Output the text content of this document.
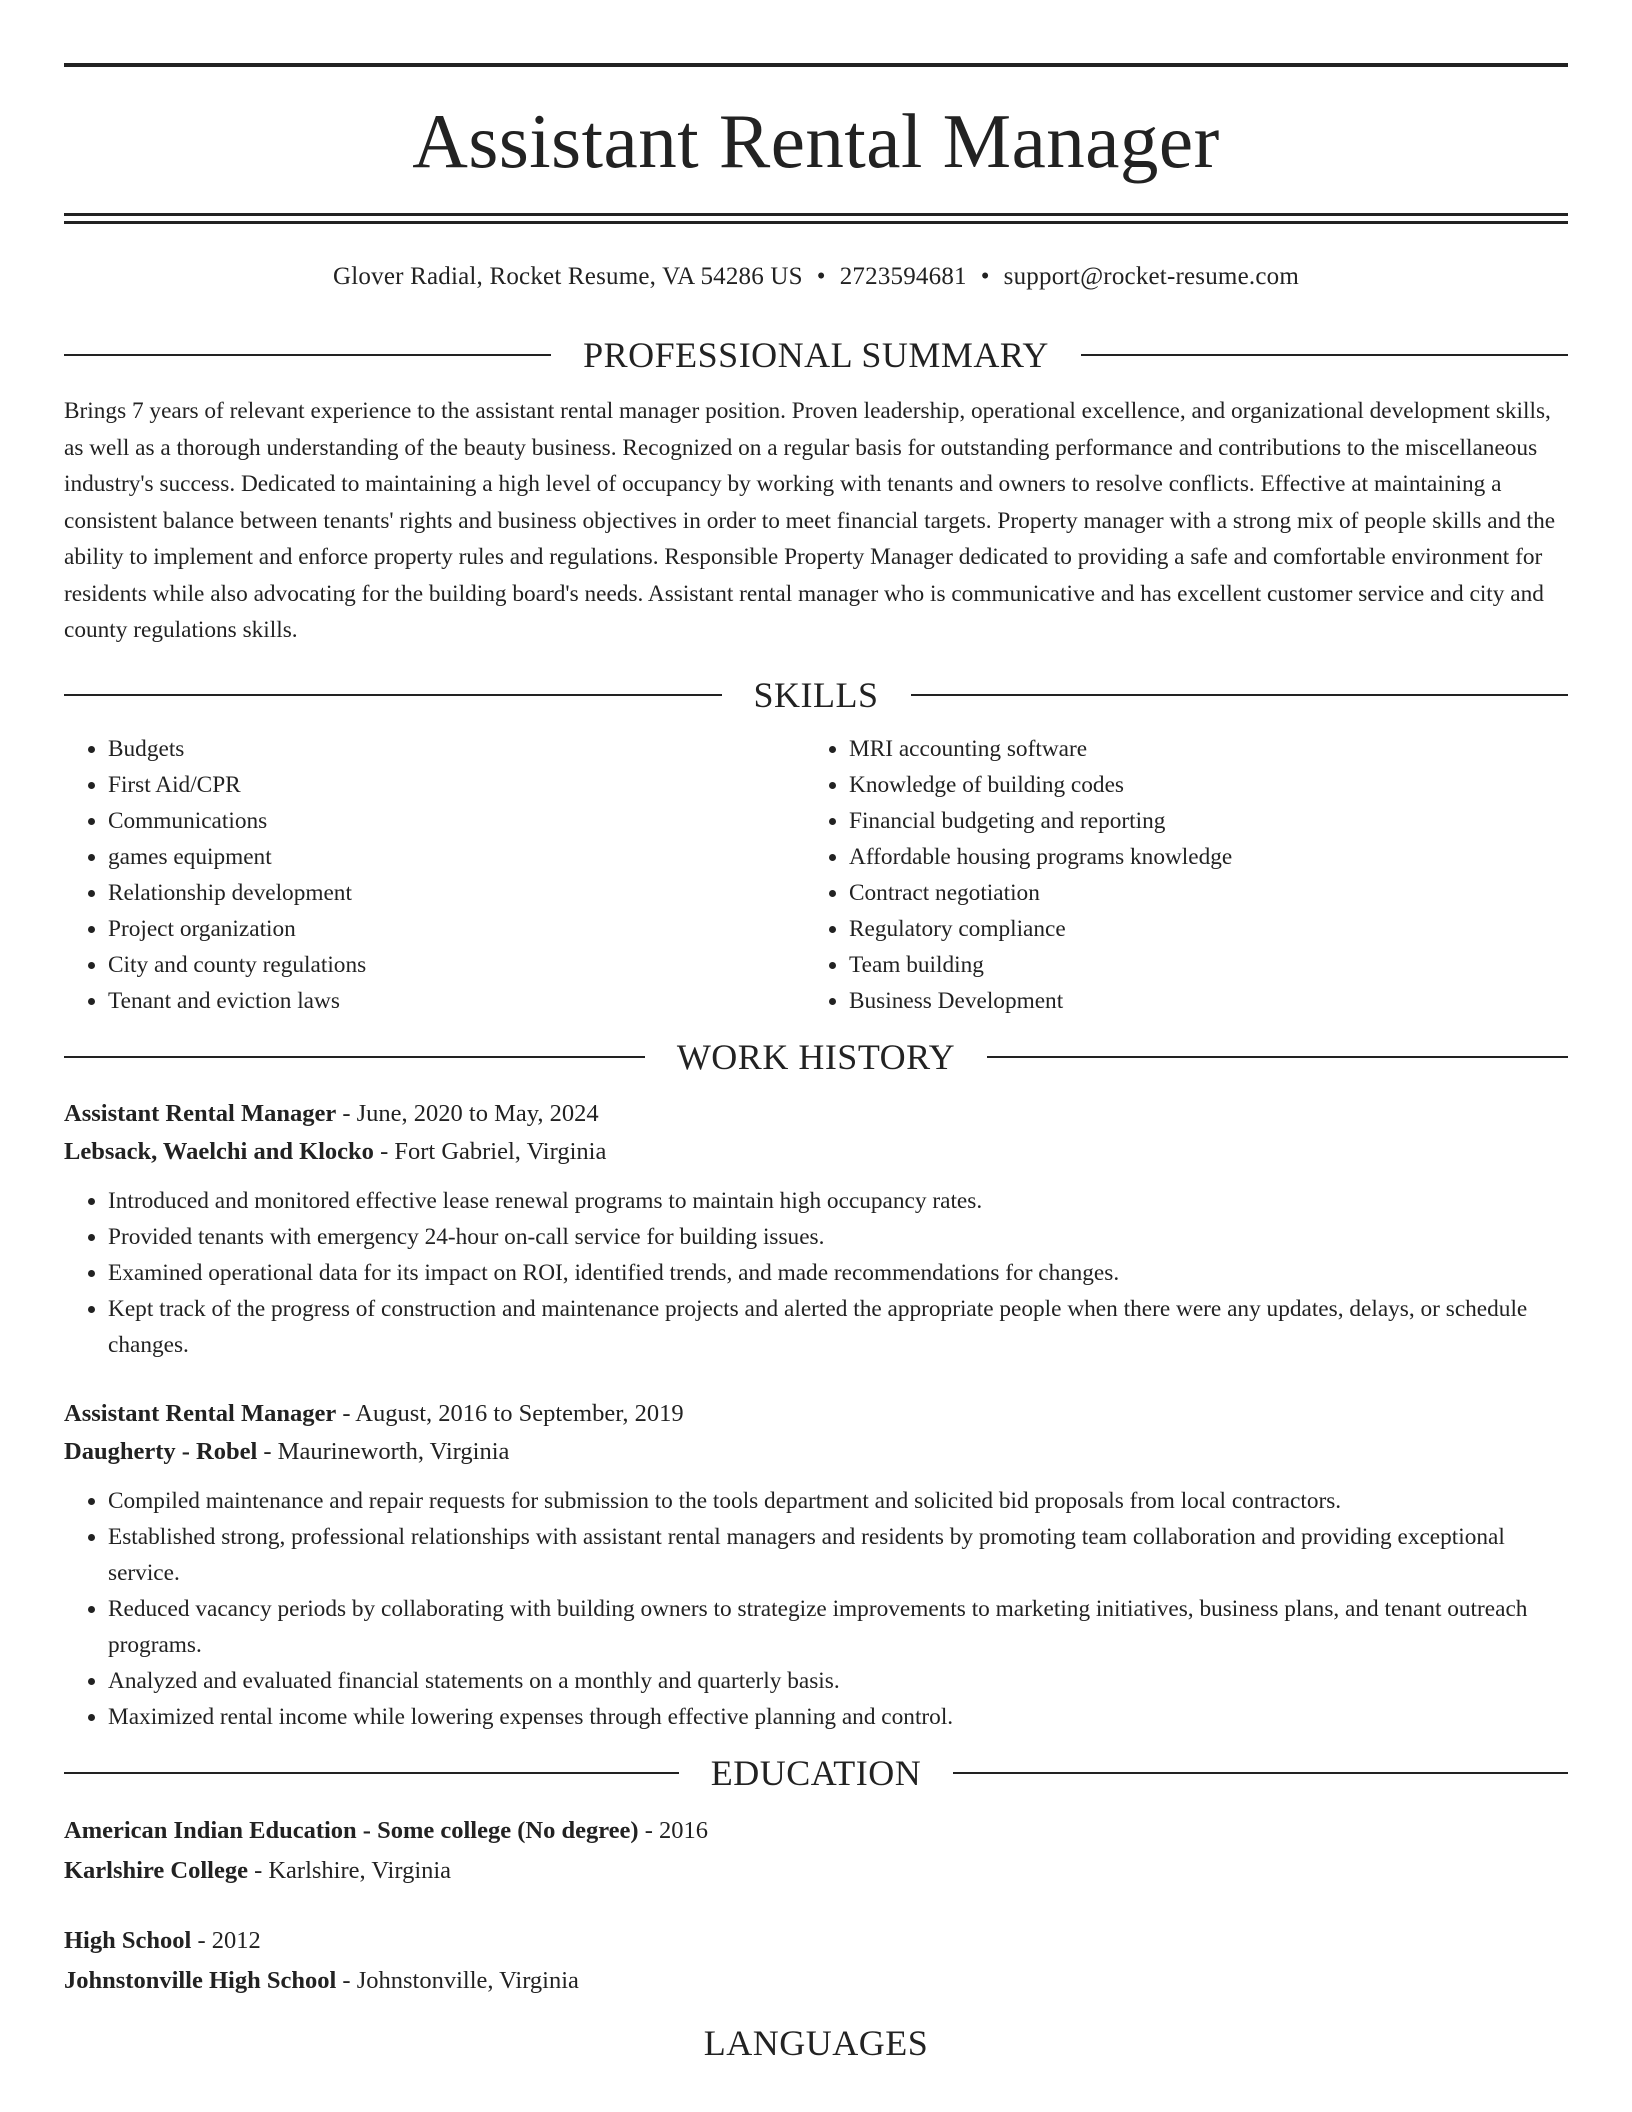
Assistant Rental Manager
Glover Radial, Rocket Resume, VA 54286 US • 2723594681 • support@rocket-resume.com
PROFESSIONAL SUMMARY
Brings 7 years of relevant experience to the assistant rental manager position. Proven leadership, operational excellence, and organizational development skills, as well as a thorough understanding of the beauty business. Recognized on a regular basis for outstanding performance and contributions to the miscellaneous industry's success. Dedicated to maintaining a high level of occupancy by working with tenants and owners to resolve conflicts. Effective at maintaining a consistent balance between tenants' rights and business objectives in order to meet financial targets. Property manager with a strong mix of people skills and the ability to implement and enforce property rules and regulations. Responsible Property Manager dedicated to providing a safe and comfortable environment for residents while also advocating for the building board's needs. Assistant rental manager who is communicative and has excellent customer service and city and county regulations skills.
SKILLS
• Budgets
• First Aid/CPR
• Communications
• games equipment
• Relationship development
• Project organization
• City and county regulations
• Tenant and eviction laws
• MRI accounting software
• Knowledge of building codes
• Financial budgeting and reporting
• Affordable housing programs knowledge
• Contract negotiation
• Regulatory compliance
• Team building
• Business Development
WORK HISTORY
Assistant Rental Manager - June, 2020 to May, 2024
Lebsack, Waelchi and Klocko - Fort Gabriel, Virginia
• Introduced and monitored effective lease renewal programs to maintain high occupancy rates.
• Provided tenants with emergency 24-hour on-call service for building issues.
• Examined operational data for its impact on ROI, identified trends, and made recommendations for changes.
• Kept track of the progress of construction and maintenance projects and alerted the appropriate people when there were any updates, delays, or schedule changes.
Assistant Rental Manager - August, 2016 to September, 2019
Daugherty - Robel - Maurineworth, Virginia
• Compiled maintenance and repair requests for submission to the tools department and solicited bid proposals from local contractors.
• Established strong, professional relationships with assistant rental managers and residents by promoting team collaboration and providing exceptional service.
• Reduced vacancy periods by collaborating with building owners to strategize improvements to marketing initiatives, business plans, and tenant outreach programs.
• Analyzed and evaluated financial statements on a monthly and quarterly basis.
• Maximized rental income while lowering expenses through effective planning and control.
EDUCATION
American Indian Education - Some college (No degree) - 2016
Karlshire College - Karlshire, Virginia
High School - 2012
Johnstonville High School - Johnstonville, Virginia
LANGUAGES
